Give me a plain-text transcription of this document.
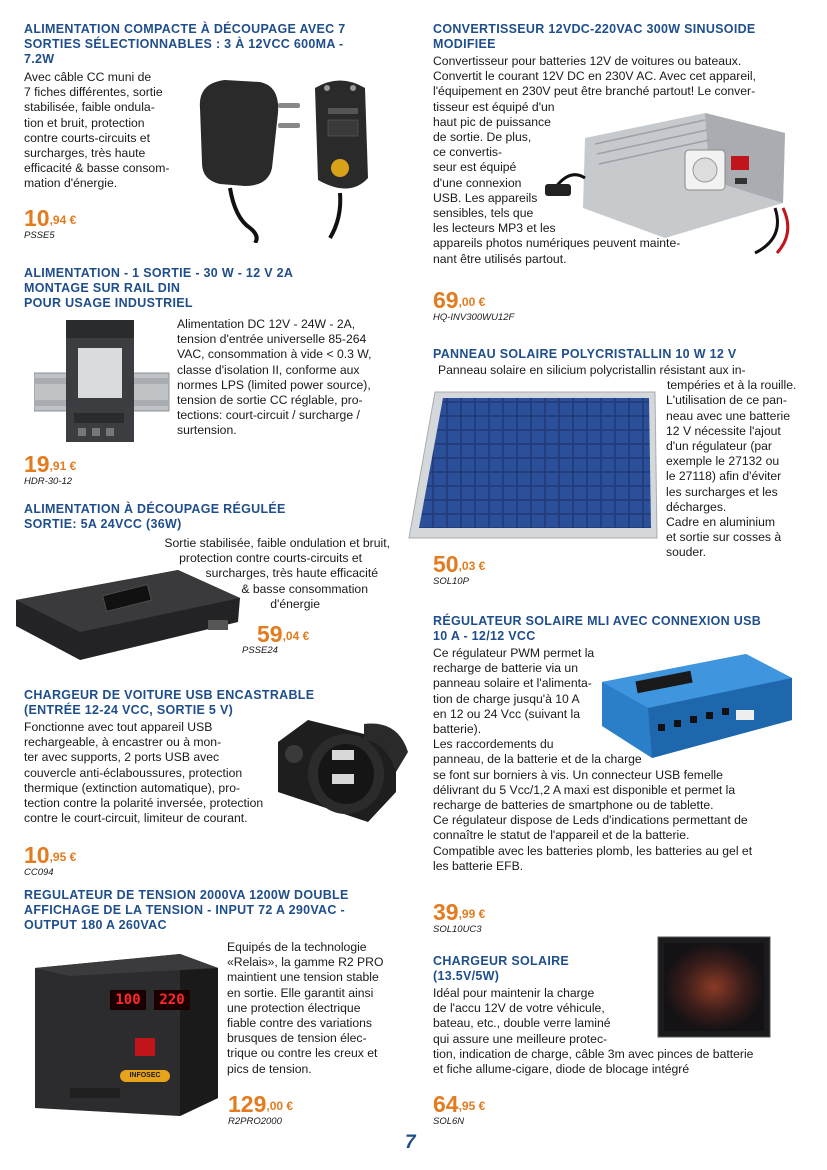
ALIMENTATION COMPACTE À DÉCOUPAGE AVEC 7
SORTIES SÉLECTIONNABLES : 3 À 12VCC 600MA -
7.2W
Avec câble CC muni de
7 fiches différentes, sortie
stabilisée, faible ondula-
tion et bruit, protection
contre courts-circuits et
surcharges, très haute
efficacité & basse consom-
mation d'énergie.
$10^{,94 €}$
PSSE5
ALIMENTATION - 1 SORTIE - 30 W - 12 V 2A
MONTAGE SUR RAIL DIN
POUR USAGE INDUSTRIEL
Alimentation DC 12V - 24W - 2A,
tension d'entrée universelle 85-264
VAC, consommation à vide < 0.3 W,
classe d'isolation II, conforme aux
normes LPS (limited power source),
tension de sortie CC réglable, pro-
tections: court-circuit / surcharge /
surtension.
$19^{,91 €}$
HDR-30-12
ALIMENTATION À DÉCOUPAGE RÉGULÉE
SORTIE: 5A 24VCC (36W)
Sortie stabilisée, faible ondulation et bruit,
protection contre courts-circuits et
surcharges, très haute efficacité
& basse consommation
d'énergie
$59^{,04 €}$
PSSE24
CHARGEUR DE VOITURE USB ENCASTRABLE
(ENTRÉE 12-24 VCC, SORTIE 5 V)
Fonctionne avec tout appareil USB
rechargeable, à encastrer ou à mon-
ter avec supports, 2 ports USB avec
couvercle anti-éclaboussures, protection
thermique (extinction automatique), pro-
tection contre la polarité inversée, protection
contre le court-circuit, limiteur de courant.
$10^{,95 €}$
CC094
REGULATEUR DE TENSION 2000VA 1200W DOUBLE
AFFICHAGE DE LA TENSION - INPUT 72 A 290VAC -
OUTPUT 180 A 260VAC
Equipés de la technologie
«Relais», la gamme R2 PRO
maintient une tension stable
en sortie. Elle garantit ainsi
une protection électrique
fiable contre des variations
brusques de tension élec-
trique ou contre les creux et
pics de tension.
100	220
INFOSEC
$129^{,00 €}$
R2PRO2000
CONVERTISSEUR 12VDC-220VAC 300W SINUSOIDE
MODIFIEE
Convertisseur pour batteries 12V de voitures ou bateaux.
Convertit le courant 12V DC en 230V AC. Avec cet appareil,
l'équipement en 230V peut être branché partout! Le conver-
tisseur est équipé d'un
haut pic de puissance
de sortie. De plus,
ce convertis-
seur est équipé
d'une connexion
USB. Les appareils
sensibles, tels que
les lecteurs MP3 et les
appareils photos numériques peuvent mainte-
nant être utilisés partout.
$69^{,00 €}$
HQ-INV300WU12F
PANNEAU SOLAIRE POLYCRISTALLIN 10 W 12 V
Panneau solaire en silicium polycristallin résistant aux in-
tempéries et à la rouille.
L'utilisation de ce pan-
neau avec une batterie
12 V nécessite l'ajout
d'un régulateur (par
exemple le 27132 ou
le 27118) afin d'éviter
les surcharges et les
décharges.
Cadre en aluminium
et sortie sur cosses à
souder.
$50^{,03 €}$
SOL10P
RÉGULATEUR SOLAIRE MLI AVEC CONNEXION USB
10 A - 12/12 VCC
Ce régulateur PWM permet la
recharge de batterie via un
panneau solaire et l'alimenta-
tion de charge jusqu'à 10 A
en 12 ou 24 Vcc (suivant la
batterie).
Les raccordements du
panneau, de la batterie et de la charge
se font sur borniers à vis. Un connecteur USB femelle
délivrant du 5 Vcc/1,2 A maxi est disponible et permet la
recharge de batteries de smartphone ou de tablette.
Ce régulateur dispose de Leds d'indications permettant de
connaître le statut de l'appareil et de la batterie.
Compatible avec les batteries plomb, les batteries au gel et
les batterie EFB.
$39^{,99 €}$
SOL10UC3
CHARGEUR SOLAIRE
(13.5V/5W)
Idéal pour maintenir la charge
de l'accu 12V de votre véhicule,
bateau, etc., double verre laminé
qui assure une meilleure protec-
tion, indication de charge, câble 3m avec pinces de batterie
et fiche allume-cigare, diode de blocage intégré
$64^{,95 €}$
SOL6N
7
